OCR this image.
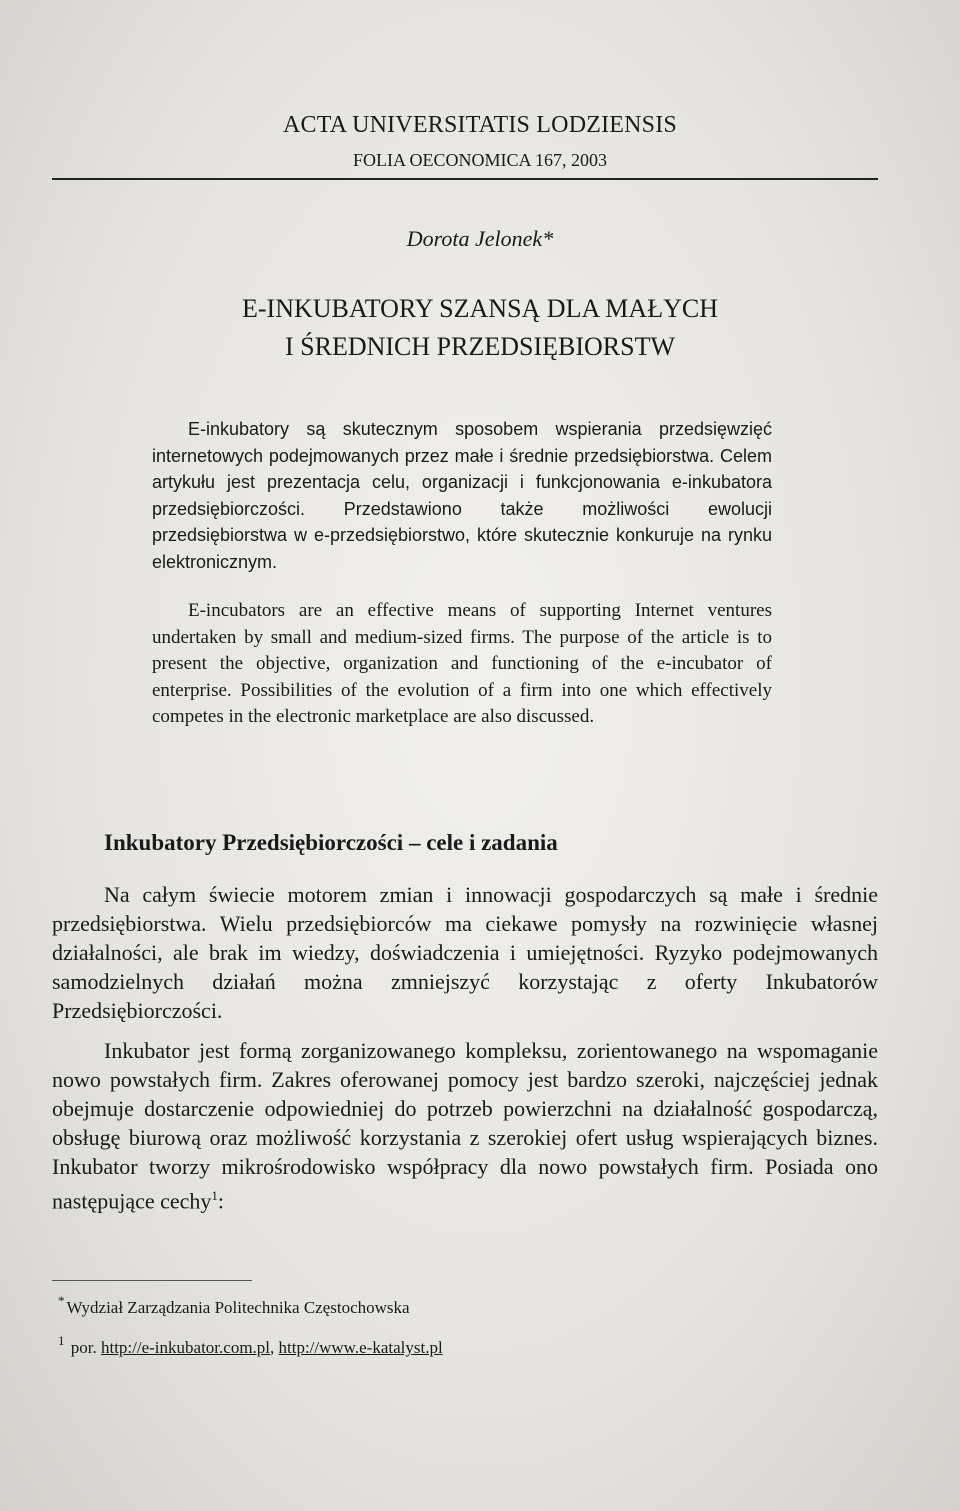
ACTA UNIVERSITATIS LODZIENSIS
FOLIA OECONOMICA 167, 2003
Dorota Jelonek*
E-INKUBATORY SZANSĄ DLA MAŁYCH
I ŚREDNICH PRZEDSIĘBIORSTW

E-inkubatory są skutecznym sposobem wspierania przedsięwzięć internetowych podejmowanych przez małe i średnie przedsiębiorstwa. Celem artykułu jest prezentacja celu, organizacji i funkcjonowania e-inkubatora przedsiębiorczości. Przedstawiono także możliwości ewolucji przedsiębiorstwa w e-przedsiębiorstwo, które skutecznie konkuruje na rynku elektronicznym.

E-incubators are an effective means of supporting Internet ventures undertaken by small and medium-sized firms. The purpose of the article is to present the objective, organization and functioning of the e-incubator of enterprise. Possibilities of the evolution of a firm into one which effectively competes in the electronic marketplace are also discussed.

Inkubatory Przedsiębiorczości – cele i zadania

Na całym świecie motorem zmian i innowacji gospodarczych są małe i średnie przedsiębiorstwa. Wielu przedsiębiorców ma ciekawe pomysły na rozwinięcie własnej działalności, ale brak im wiedzy, doświadczenia i umiejętności. Ryzyko podejmowanych samodzielnych działań można zmniejszyć korzystając z oferty Inkubatorów Przedsiębiorczości.

Inkubator jest formą zorganizowanego kompleksu, zorientowanego na wspomaganie nowo powstałych firm. Zakres oferowanej pomocy jest bardzo szeroki, najczęściej jednak obejmuje dostarczenie odpowiedniej do potrzeb powierzchni na działalność gospodarczą, obsługę biurową oraz możliwość korzystania z szerokiej ofert usług wspierających biznes. Inkubator tworzy mikrośrodowisko współpracy dla nowo powstałych firm. Posiada ono następujące cechy$^1$:

* Wydział Zarządzania Politechnika Częstochowska
$^1$ por. http://e-inkubator.com.pl, http://www.e-katalyst.pl
